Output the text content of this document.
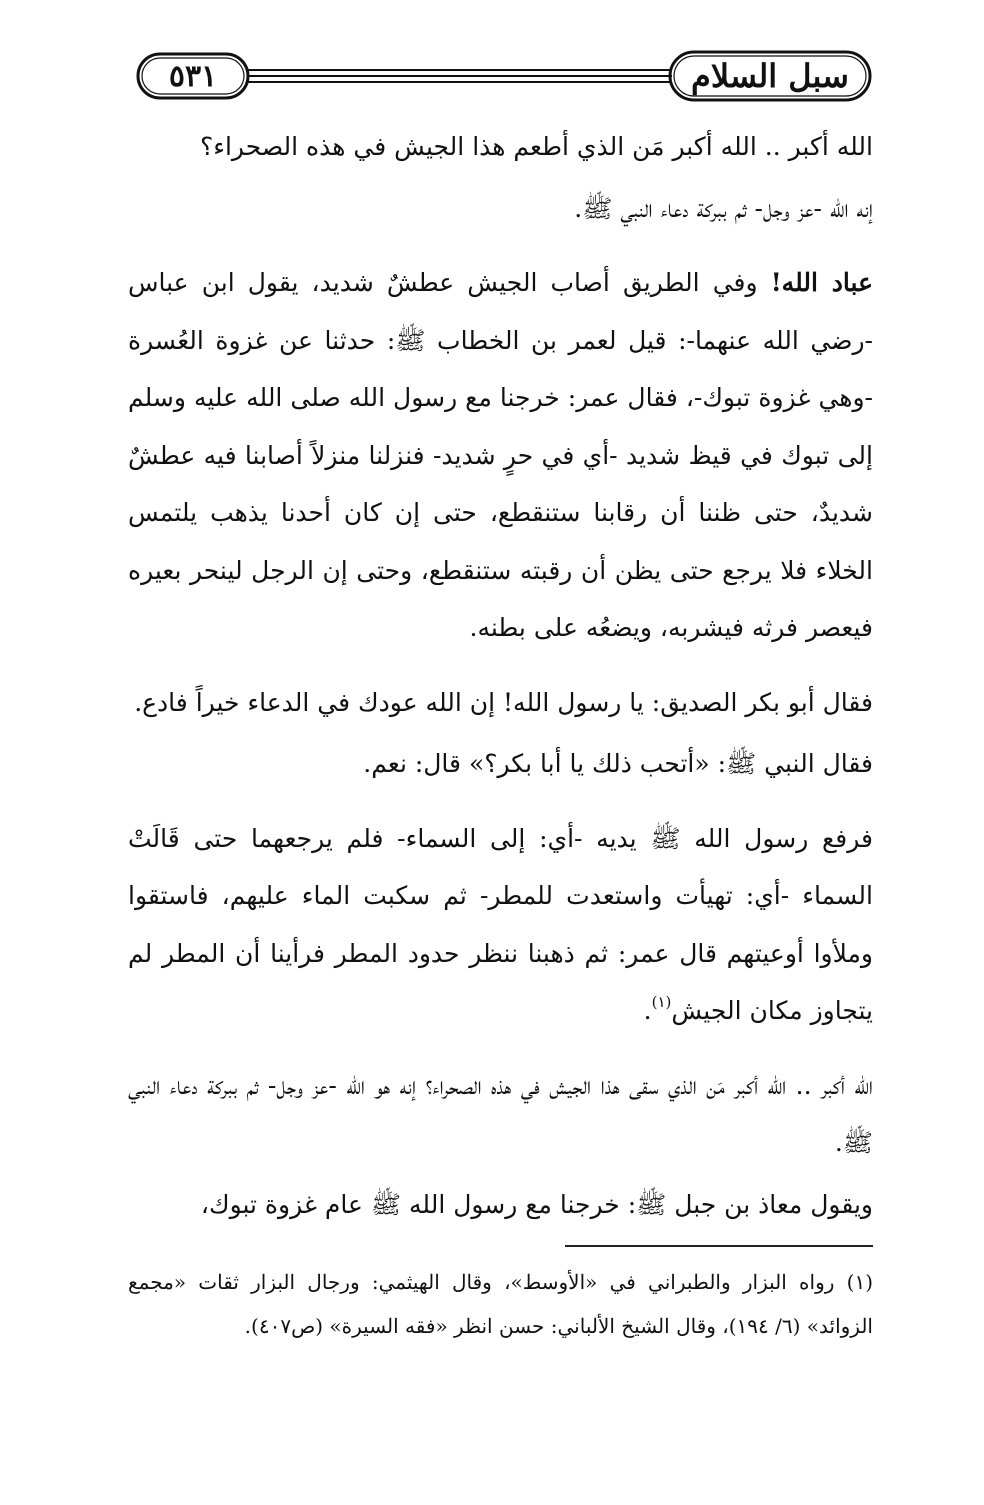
٥٣١	سبل السلام

الله أكبر .. الله أكبر مَن الذي أطعم هذا الجيش في هذه الصحراء؟

إنه الله -عز وجل- ثم ببركة دعاء النبي ﷺ.

عباد الله! وفي الطريق أصاب الجيش عطشٌ شديد، يقول ابن عباس -رضي الله عنهما-: قيل لعمر بن الخطاب ﷺ: حدثنا عن غزوة العُسرة -وهي غزوة تبوك-، فقال عمر: خرجنا مع رسول الله صلى الله عليه وسلم إلى تبوك في قيظ شديد -أي في حرٍ شديد- فنزلنا منزلاً أصابنا فيه عطشٌ شديدٌ، حتى ظننا أن رقابنا ستنقطع، حتى إن كان أحدنا يذهب يلتمس الخلاء فلا يرجع حتى يظن أن رقبته ستنقطع، وحتى إن الرجل لينحر بعيره فيعصر فرثه فيشربه، ويضعُه على بطنه.

فقال أبو بكر الصديق: يا رسول الله! إن الله عودك في الدعاء خيراً فادع.

فقال النبي ﷺ: «أتحب ذلك يا أبا بكر؟» قال: نعم.

فرفع رسول الله ﷺ يديه -أي: إلى السماء- فلم يرجعهما حتى قَالَتْ السماء -أي: تهيأت واستعدت للمطر- ثم سكبت الماء عليهم، فاستقوا وملأوا أوعيتهم قال عمر: ثم ذهبنا ننظر حدود المطر فرأينا أن المطر لم يتجاوز مكان الجيش$^{(١)}$.

الله أكبر .. الله أكبر مَن الذي سقى هذا الجيش في هذه الصحراء؟ إنه هو الله -عز وجل- ثم ببركة دعاء النبي ﷺ.

ويقول معاذ بن جبل ﷺ: خرجنا مع رسول الله ﷺ عام غزوة تبوك،

(١) رواه البزار والطبراني في «الأوسط»، وقال الهيثمي: ورجال البزار ثقات «مجمع الزوائد» (٦/ ١٩٤)، وقال الشيخ الألباني: حسن انظر «فقه السيرة» (ص٤٠٧).
